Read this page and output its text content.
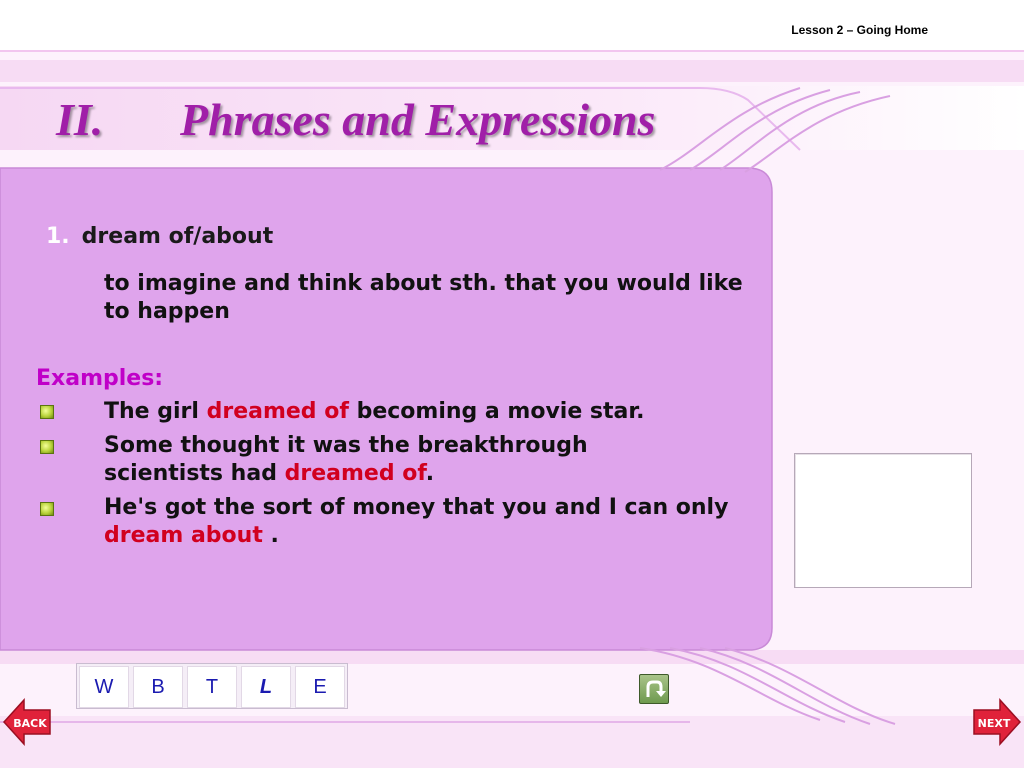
Lesson 2 – Going Home
II. Phrases and Expressions
1. dream of/about
to imagine and think about sth. that you would like to happen
Examples:
The girl dreamed of becoming a movie star.
Some thought it was the breakthrough scientists had dreamed of.
He's got the sort of money that you and I can only dream about .
W	B	T	L	E
BACK	NEXT
